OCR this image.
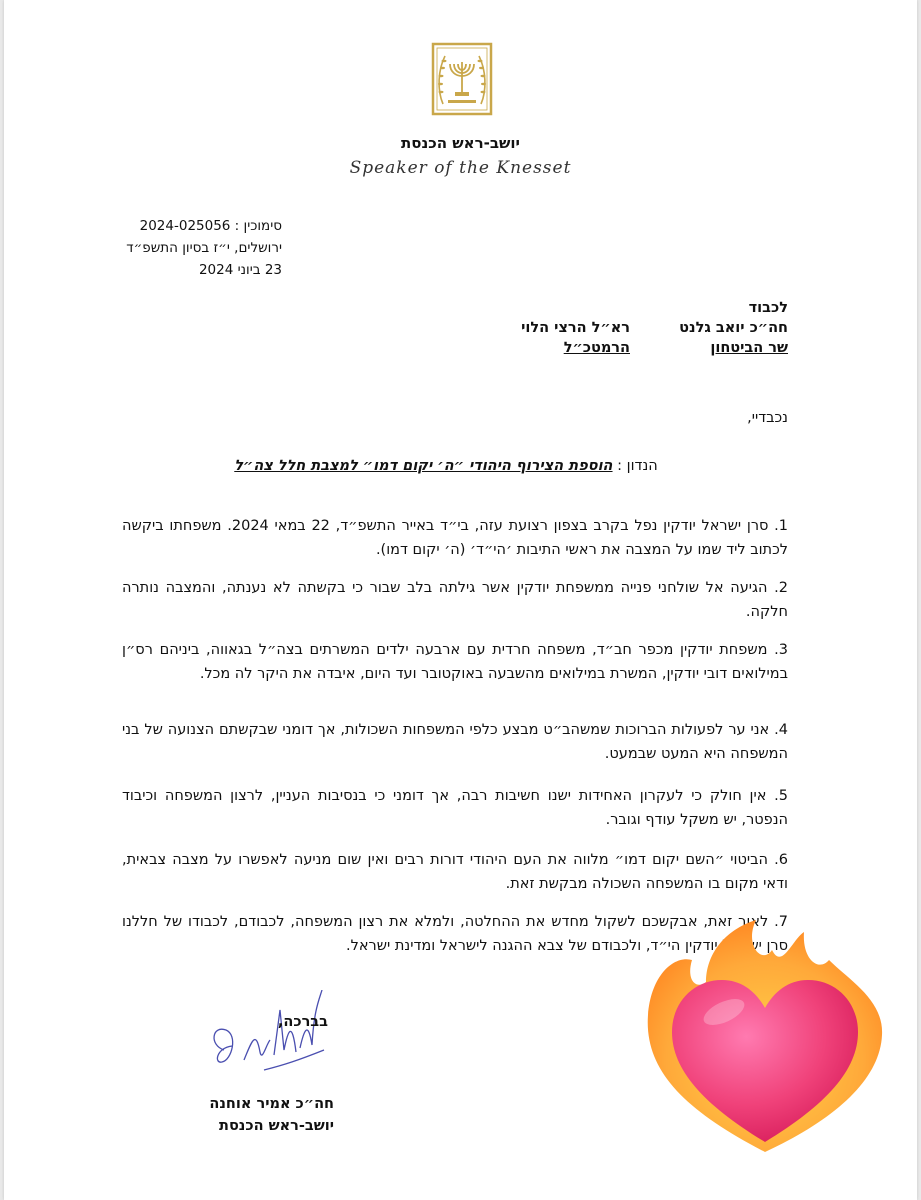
יושב-ראש הכנסת
Speaker of the Knesset
סימוכין : 2024-025056
ירושלים, י״ז בסיון התשפ״ד
23 ביוני 2024
לכבוד
חה״כ יואב גלנט
שר הביטחון
רא״ל הרצי הלוי
הרמטכ״ל
נכבדיי,
הנדון : הוספת הצירוף היהודי ״ה׳ יקום דמו״ למצבת חלל צה״ל
1. סרן ישראל יודקין נפל בקרב בצפון רצועת עזה, בי״ד באייר התשפ״ד, 22 במאי 2024. משפחתו ביקשה לכתוב ליד שמו על המצבה את ראשי התיבות ׳הי״ד׳ (ה׳ יקום דמו).
2. הגיעה אל שולחני פנייה ממשפחת יודקין אשר גילתה בלב שבור כי בקשתה לא נענתה, והמצבה נותרה חלקה.
3. משפחת יודקין מכפר חב״ד, משפחה חרדית עם ארבעה ילדים המשרתים בצה״ל בגאווה, ביניהם רס״ן במילואים דובי יודקין, המשרת במילואים מהשבעה באוקטובר ועד היום, איבדה את היקר לה מכל.
4. אני ער לפעולות הברוכות שמשהב״ט מבצע כלפי המשפחות השכולות, אך דומני שבקשתם הצנועה של בני המשפחה היא המעט שבמעט.
5. אין חולק כי לעקרון האחידות ישנו חשיבות רבה, אך דומני כי בנסיבות העניין, לרצון המשפחה וכיבוד הנפטר, יש משקל עודף וגובר.
6. הביטוי ״השם יקום דמו״ מלווה את העם היהודי דורות רבים ואין שום מניעה לאפשרו על מצבה צבאית, ודאי מקום בו המשפחה השכולה מבקשת זאת.
7. לאור זאת, אבקשכם לשקול מחדש את ההחלטה, ולמלא את רצון המשפחה, לכבודם, לכבודו של חללנו סרן ישראל יודקין הי״ד, ולכבודם של צבא ההגנה לישראל ומדינת ישראל.
בברכה,
חה״כ אמיר אוחנה
יושב-ראש הכנסת
